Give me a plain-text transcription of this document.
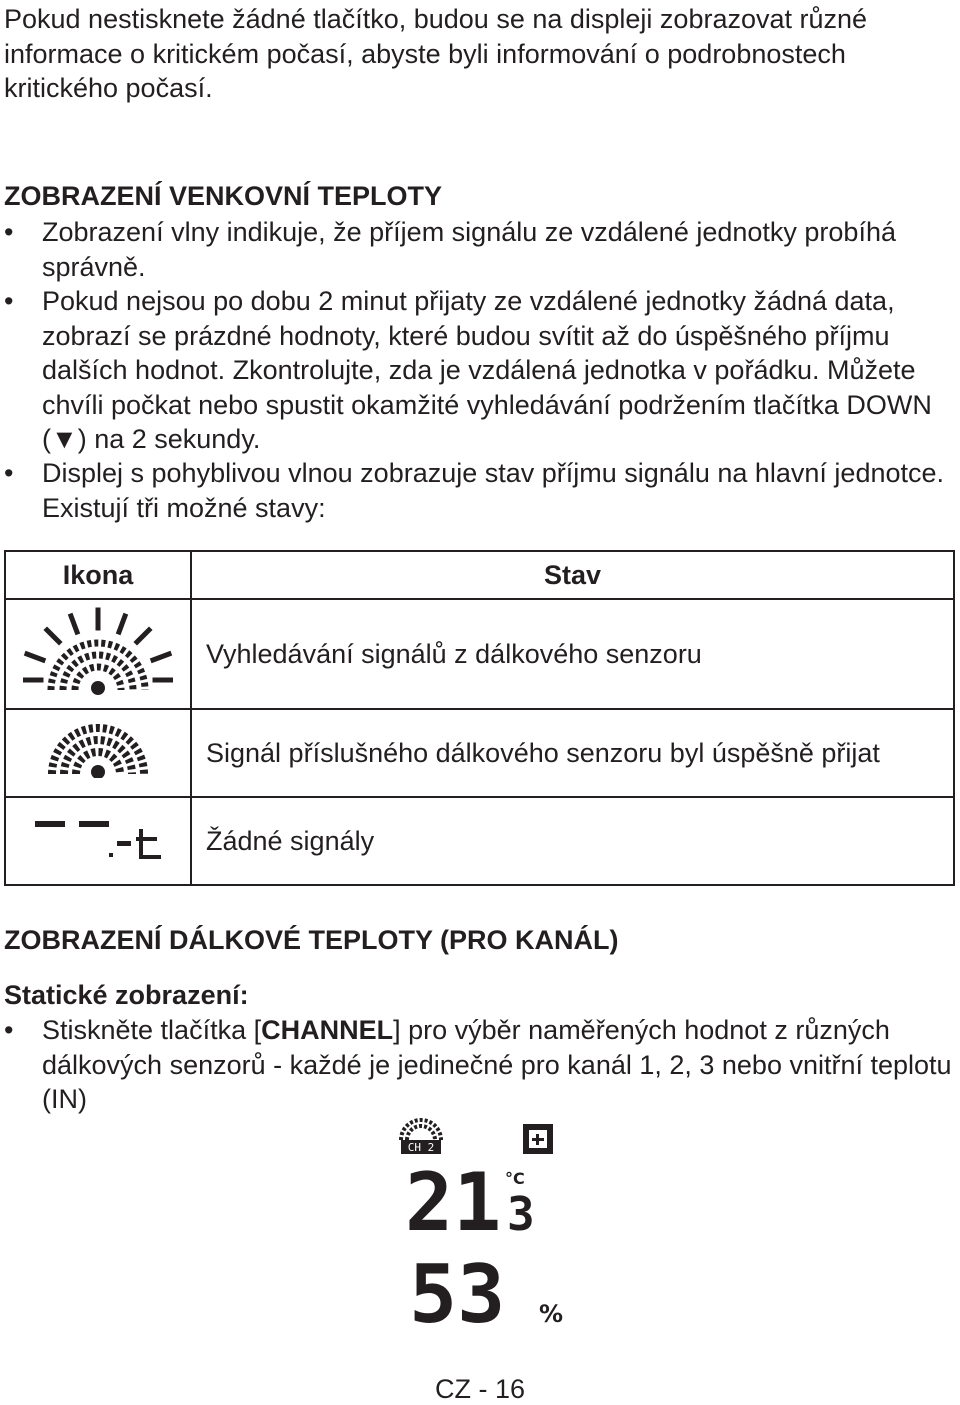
Pokud nestisknete žádné tlačítko, budou se na displeji zobrazovat různé informace o kritickém počasí, abyste byli informování o podrobnostech kritického počasí.
ZOBRAZENÍ VENKOVNÍ TEPLOTY
•	Zobrazení vlny indikuje, že příjem signálu ze vzdálené jednotky probíhá správně.
•	Pokud nejsou po dobu 2 minut přijaty ze vzdálené jednotky žádná data, zobrazí se prázdné hodnoty, které budou svítit až do úspěšného příjmu dalších hodnot. Zkontrolujte, zda je vzdálená jednotka v pořádku. Můžete chvíli počkat nebo spustit okamžité vyhledávání podržením tlačítka DOWN (▼) na 2 sekundy.
•	Displej s pohyblivou vlnou zobrazuje stav příjmu signálu na hlavní jednotce. Existují tři možné stavy:
Ikona	Stav
	Vyhledávání signálů z dálkového senzoru
	Signál příslušného dálkového senzoru byl úspěšně přijat
	Žádné signály
ZOBRAZENÍ DÁLKOVÉ TEPLOTY (PRO KANÁL)
Statické zobrazení:
•	Stiskněte tlačítka [CHANNEL] pro výběr naměřených hodnot z různých dálkových senzorů - každé je jedinečné pro kanál 1, 2, 3 nebo vnitřní teplotu (IN)
CH 2
21 °C
3
53 %
CZ - 16
